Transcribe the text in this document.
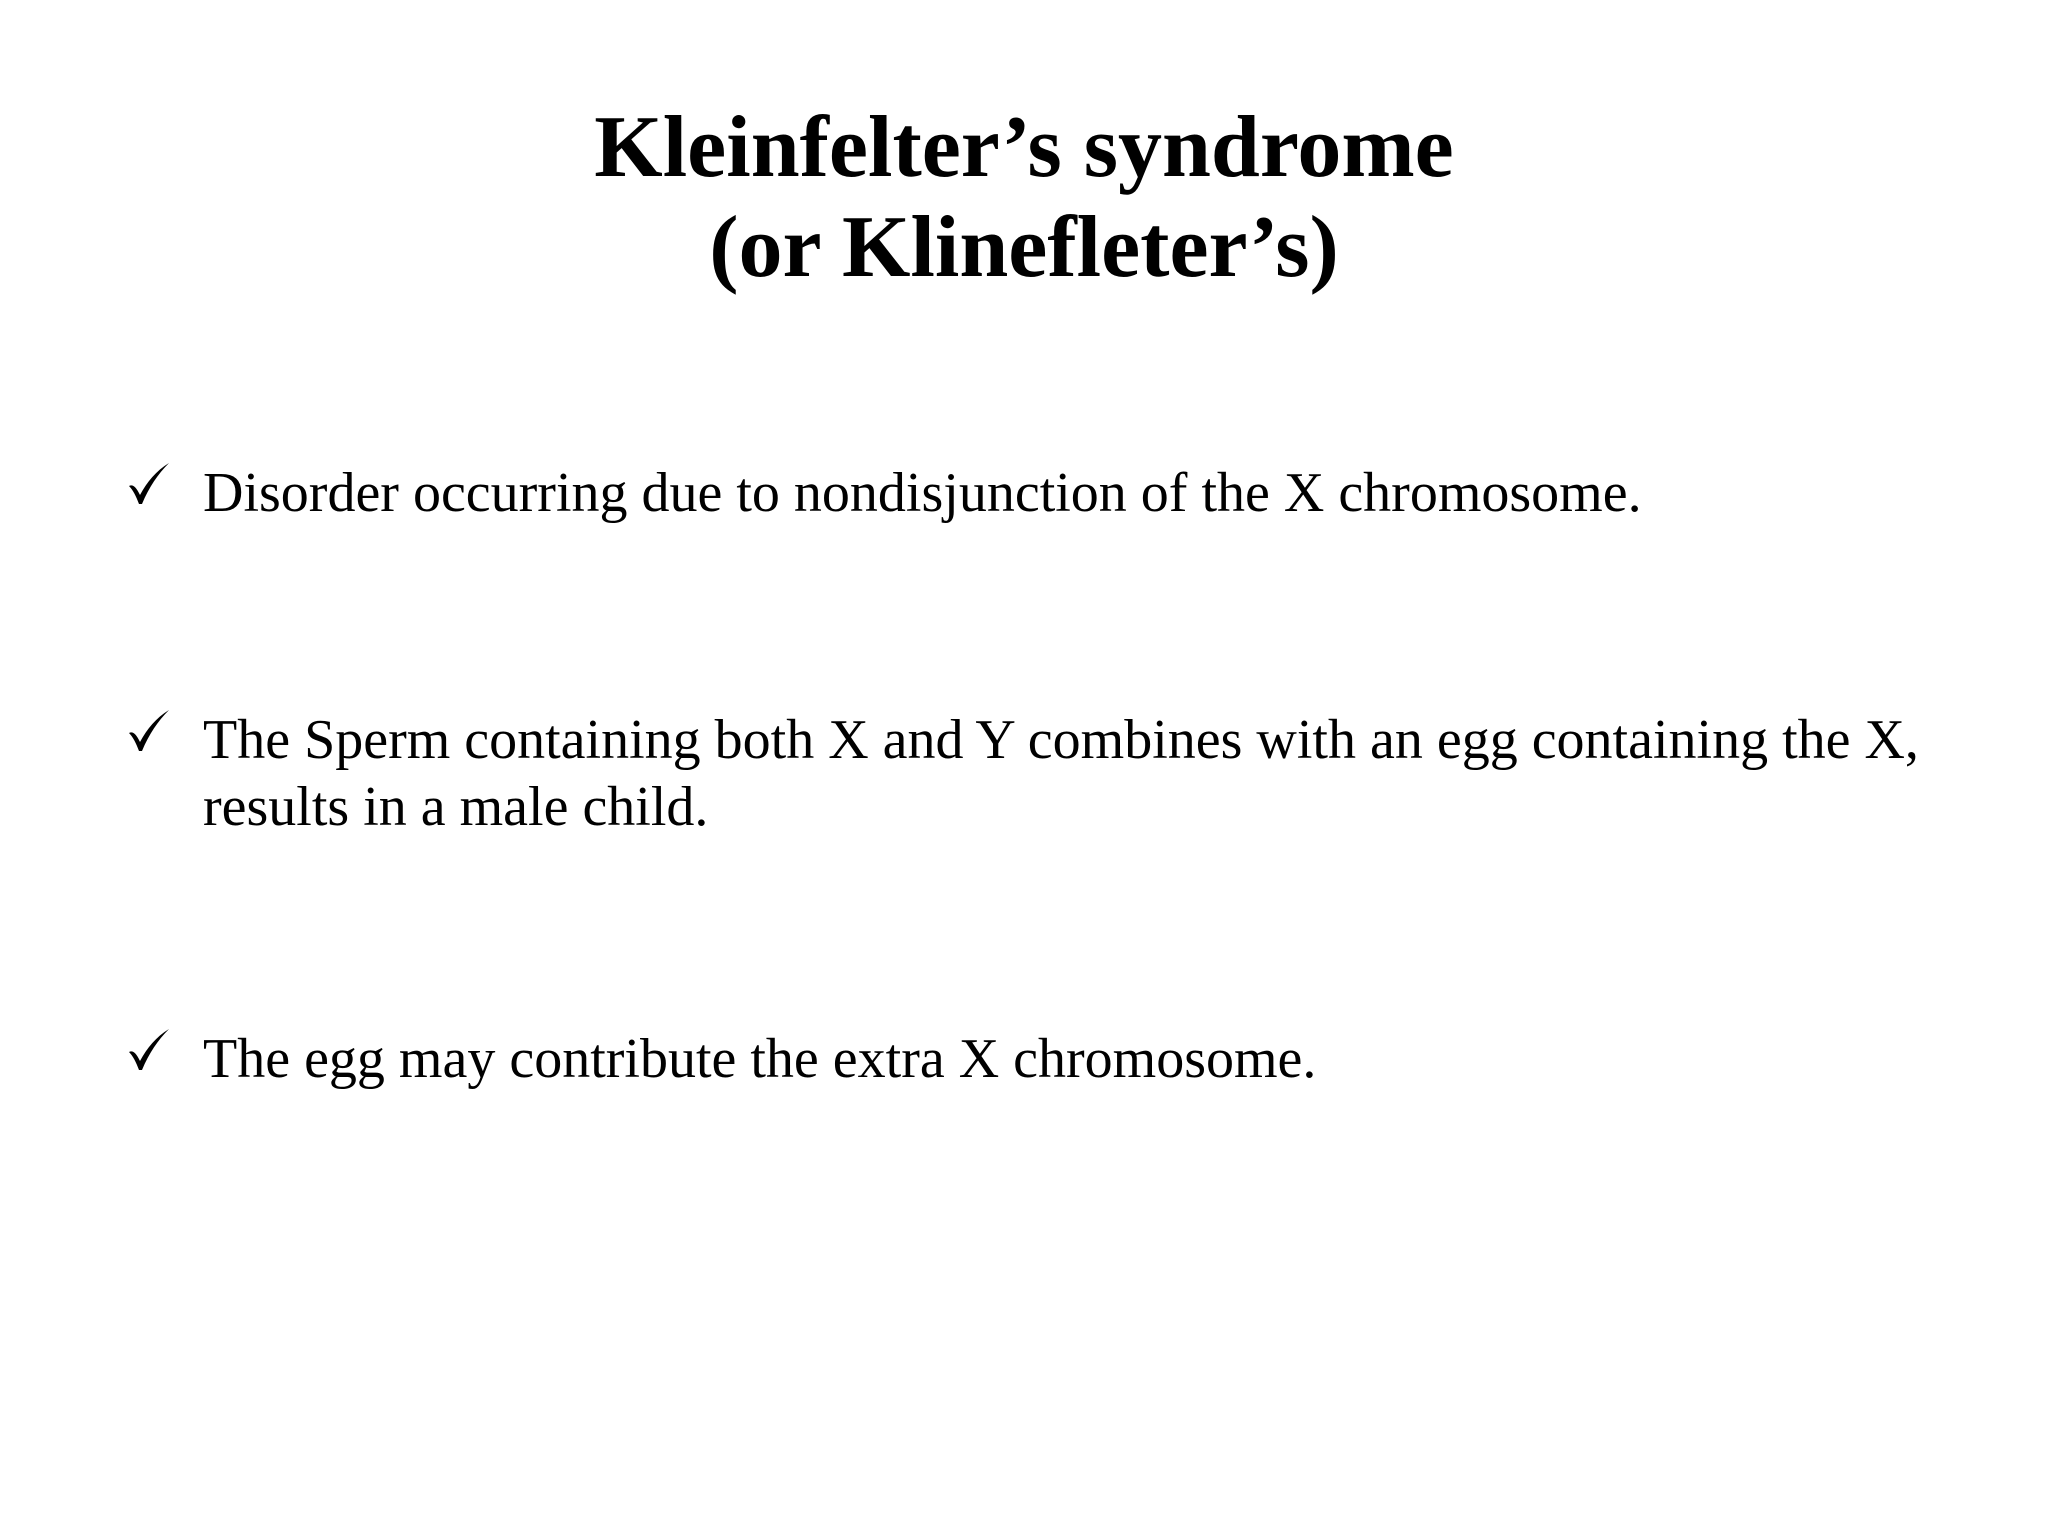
Kleinfelter’s syndrome
(or Klinefleter’s)
Disorder occurring due to nondisjunction of the X chromosome.
The Sperm containing both X and Y combines with an egg containing the X, results in a male child.
The egg may contribute the extra X chromosome.
